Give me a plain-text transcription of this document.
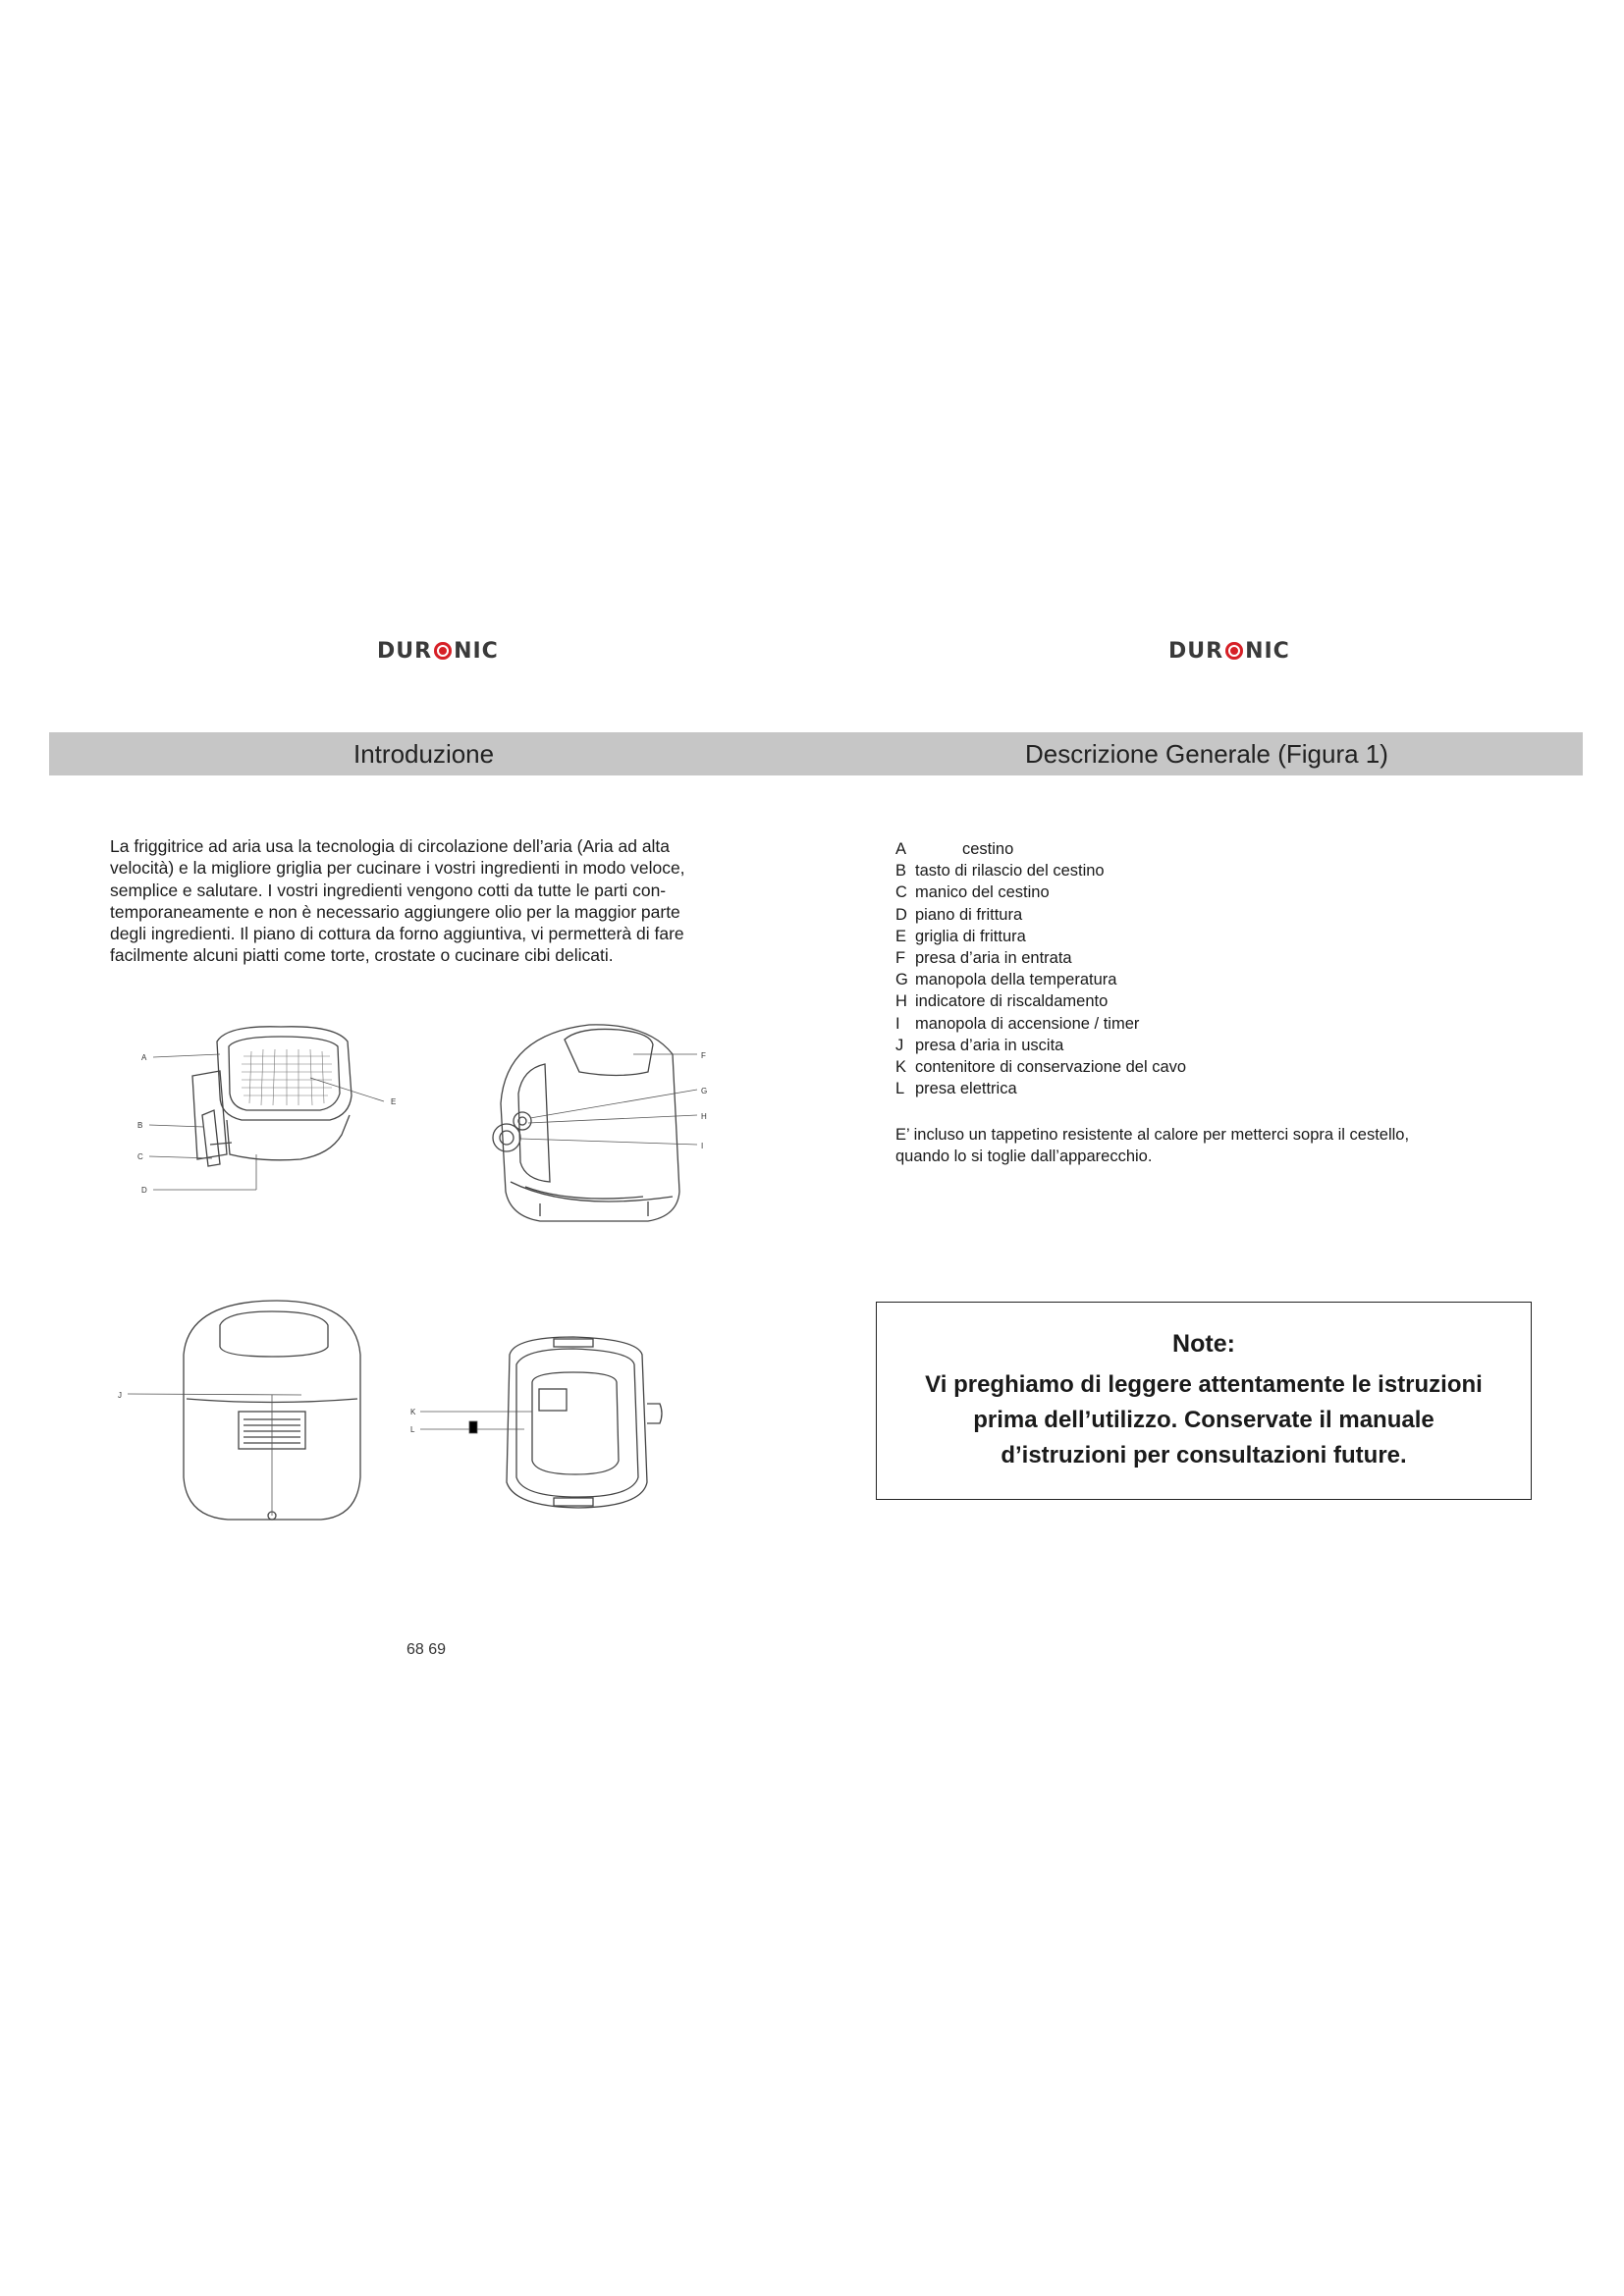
DUR NIC	DUR NIC
Introduzione	Descrizione Generale (Figura 1)

La friggitrice ad aria usa la tecnologia di circolazione dell’aria (Aria ad alta

velocità) e la migliore griglia per cucinare i vostri ingredienti in modo veloce,

semplice e salutare. I vostri ingredienti vengono cotti da tutte le parti con-

temporaneamente e non è necessario aggiungere olio per la maggior parte

degli ingredienti. Il piano di cottura da forno aggiuntiva, vi permetterà di fare

facilmente alcuni piatti come torte, crostate o cucinare cibi delicati.

A	cestino
B tasto di rilascio del cestino
C manico del cestino
D piano di frittura
E griglia di frittura
F presa d’aria in entrata
G manopola della temperatura
H indicatore di riscaldamento
I manopola di accensione / timer
J presa d’aria in uscita
K contenitore di conservazione del cavo
L presa elettrica
E’ incluso un tappetino resistente al calore per metterci sopra il cestello,
quando lo si toglie dall’apparecchio.
Note:
Vi preghiamo di leggere attentamente le istruzioni
prima dell’utilizzo. Conservate il manuale
d’istruzioni per consultazioni future.
A
B
C
D
E
F
G
H
I
J
K
L
68 69
